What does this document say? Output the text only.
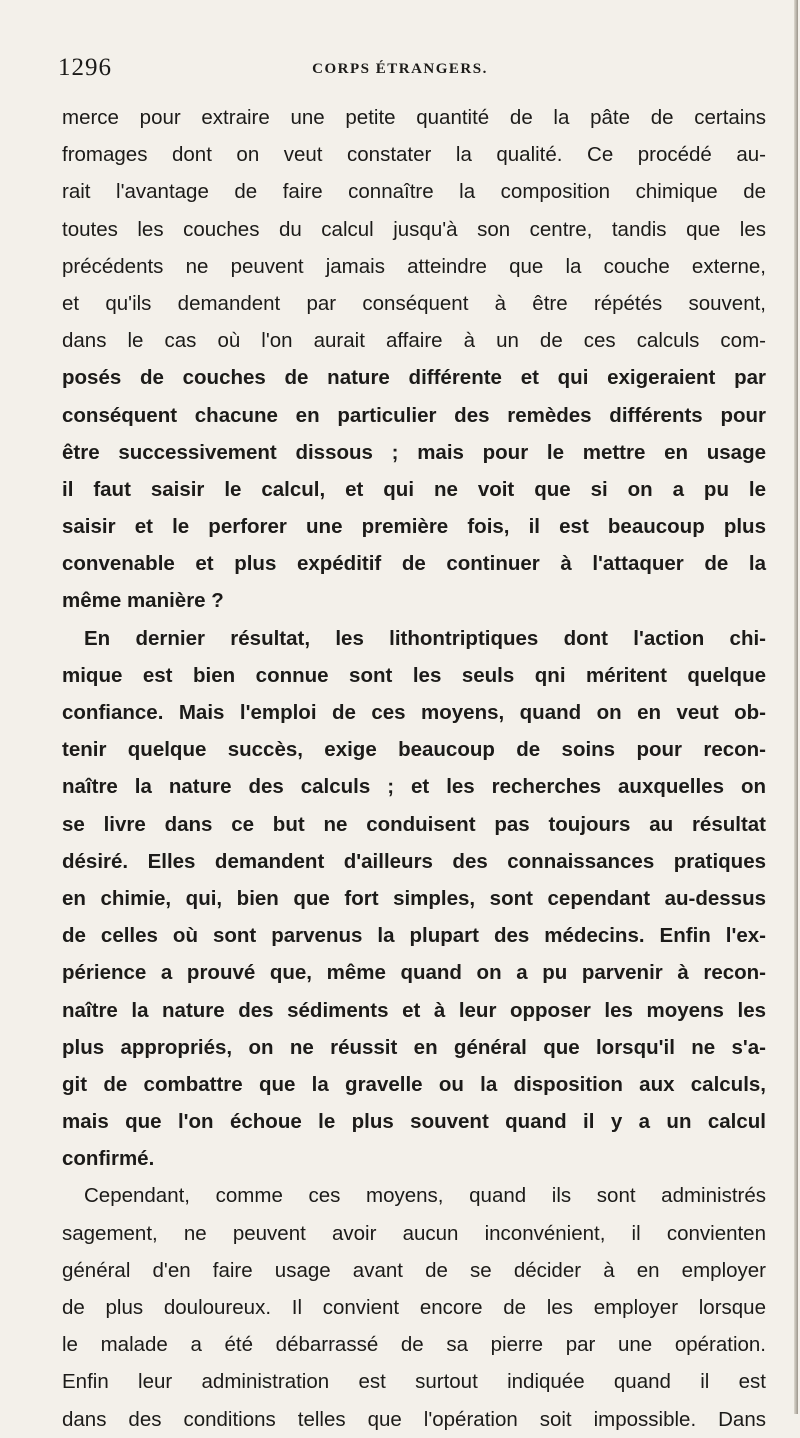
1296	CORPS ÉTRANGERS.
merce pour extraire une petite quantité de la pâte de certains
fromages dont on veut constater la qualité. Ce procédé au-
rait l'avantage de faire connaître la composition chimique de
toutes les couches du calcul jusqu'à son centre, tandis que les
précédents ne peuvent jamais atteindre que la couche externe,
et qu'ils demandent par conséquent à être répétés souvent,
dans le cas où l'on aurait affaire à un de ces calculs com-
posés de couches de nature différente et qui exigeraient par
conséquent chacune en particulier des remèdes différents pour
être successivement dissous ; mais pour le mettre en usage
il faut saisir le calcul, et qui ne voit que si on a pu le
saisir et le perforer une première fois, il est beaucoup plus
convenable et plus expéditif de continuer à l'attaquer de la
même manière ?
En dernier résultat, les lithontriptiques dont l'action chi-
mique est bien connue sont les seuls qni méritent quelque
confiance. Mais l'emploi de ces moyens, quand on en veut ob-
tenir quelque succès, exige beaucoup de soins pour recon-
naître la nature des calculs ; et les recherches auxquelles on
se livre dans ce but ne conduisent pas toujours au résultat
désiré. Elles demandent d'ailleurs des connaissances pratiques
en chimie, qui, bien que fort simples, sont cependant au-dessus
de celles où sont parvenus la plupart des médecins. Enfin l'ex-
périence a prouvé que, même quand on a pu parvenir à recon-
naître la nature des sédiments et à leur opposer les moyens les
plus appropriés, on ne réussit en général que lorsqu'il ne s'a-
git de combattre que la gravelle ou la disposition aux calculs,
mais que l'on échoue le plus souvent quand il y a un calcul
confirmé.
Cependant, comme ces moyens, quand ils sont administrés
sagement, ne peuvent avoir aucun inconvénient, il convienten
général d'en faire usage avant de se décider à en employer
de plus douloureux. Il convient encore de les employer lorsque
le malade a été débarrassé de sa pierre par une opération.
Enfin leur administration est surtout indiquée quand il est
dans des conditions telles que l'opération soit impossible. Dans
